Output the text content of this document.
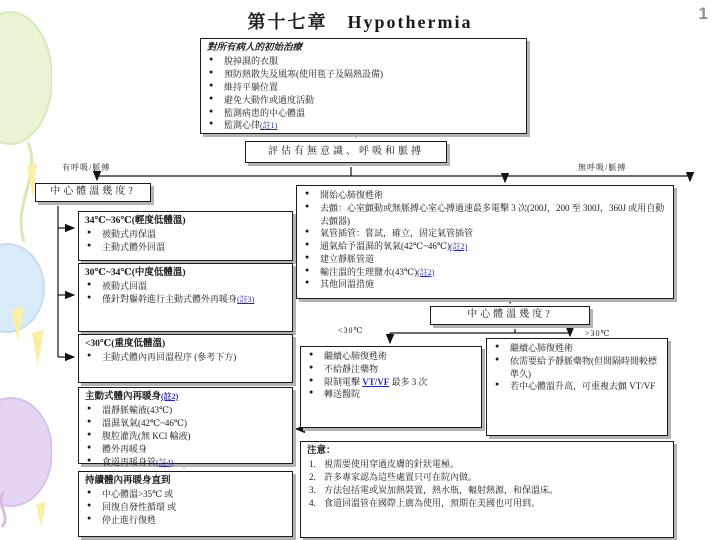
第十七章　Hypothermia	1
對所有病人的初始治療
● 脫掉濕的衣服
● 預防熱散失及風寒(使用毯子及隔熱設備)
● 維持平躺位置
● 避免大動作或過度活動
● 監測病患的中心體溫
● 監測心律(註1)
評估有無意識、呼吸和脈搏
有呼吸/脈搏	無呼吸/脈搏
中心體溫幾度?
34℃~36℃(輕度低體溫)
● 被動式再保溫
● 主動式體外回溫
30℃~34℃(中度低體溫)
● 被動式回溫
● 僅針對軀幹進行主動式體外再暖身(註3)
<30℃(重度低體溫)
● 主動式體內再回溫程序 (參考下方)
主動式體內再暖身(註2)
● 溫靜脈輸液(43℃)
● 溫濕氧氣(42℃~46℃)
● 腹腔灌洗(無 KCl 輸液)
● 體外再暖身
● 食道再暖身管(註4)
持續體內再暖身直到
● 中心體溫>35℃ 或
● 回復自發性循環 或
● 停止進行復甦
● 開始心肺復甦術
● 去顫：心室顫動或無脈搏心室心搏過速最多電擊 3 次(200J，200 至 300J，360J 或用自動去顫器)
● 氣管插管：嘗試，確立，固定氣管插管
● 通氣給予溫濕的氧氣(42℃~46℃)(註2)
● 建立靜脈管道
● 輸注溫的生理鹽水(43℃)(註2)
● 其他回溫措施
中心體溫幾度?
<30℃	>30℃
● 繼續心肺復甦術
● 不給靜注藥物
● 限制電擊 VT/VF 最多 3 次
● 轉送醫院
● 繼續心肺復甦術
● 依需要給予靜脈藥物(但間隔時間較標準久)
● 若中心體溫升高，可重複去顫 VT/VF
注意：
1. 視需要使用穿過皮膚的針狀電極。
2. 許多專家認為這些處置只可在院內做。
3. 方法包括電或炭加熱裝置，熱水瓶，輻射熱源，和保溫床。
4. 食道回溫管在國際上廣為使用，預期在美國也可用到。
